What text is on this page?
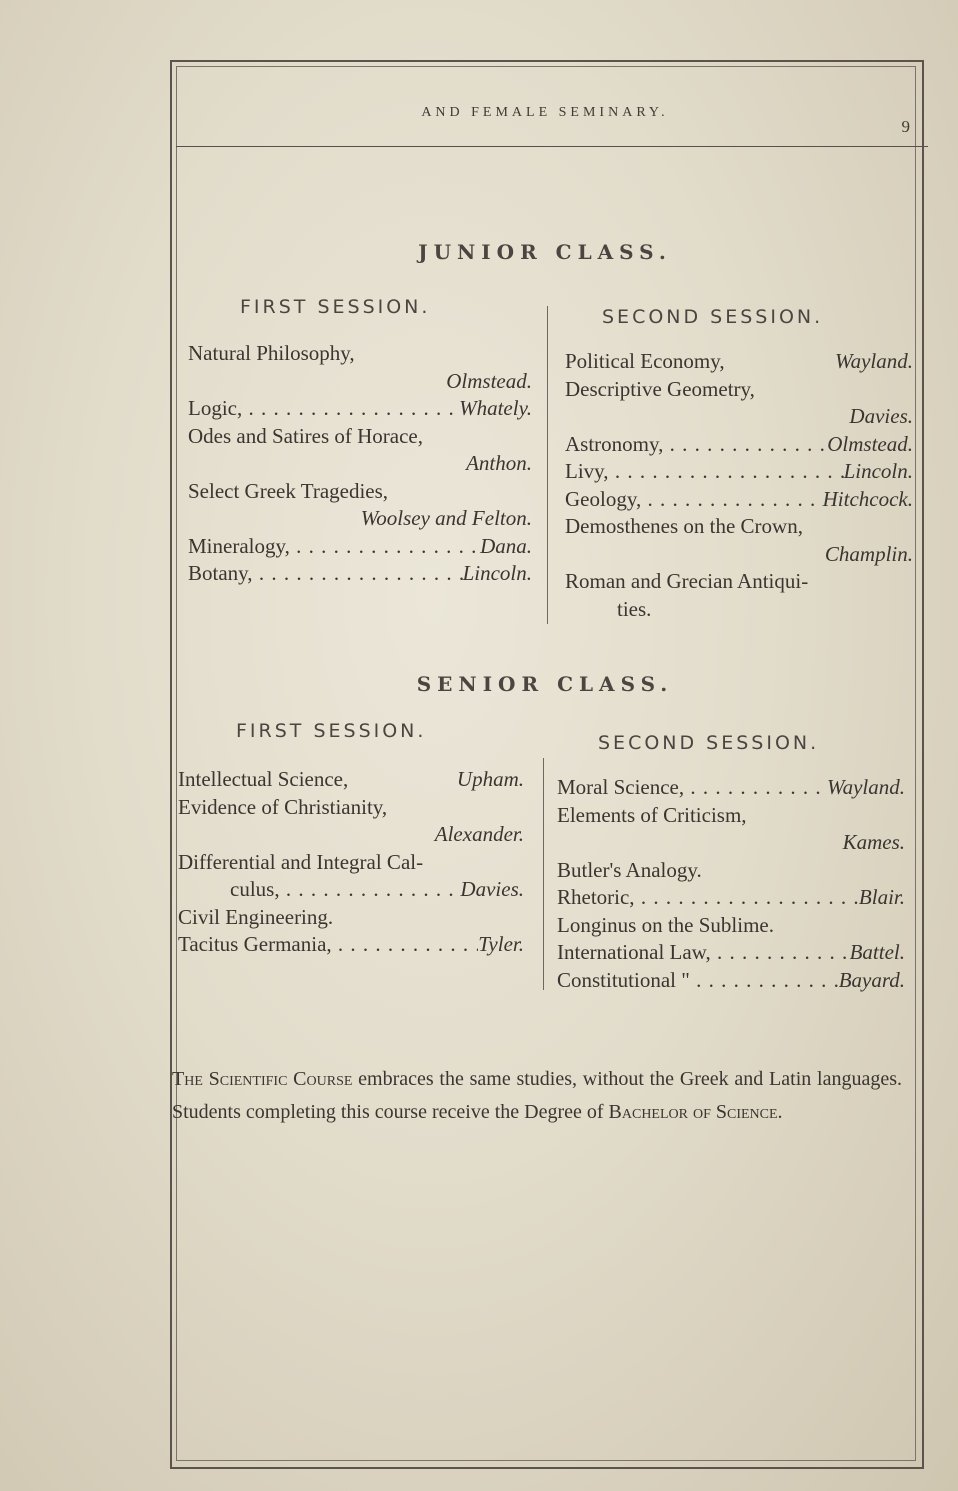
AND FEMALE SEMINARY.
9
JUNIOR CLASS.
FIRST SESSION.	SECOND SESSION.
Natural Philosophy,
Olmstead.
Logic, . . .	Whately.
Odes and Satires of Horace,
Anthon.
Select Greek Tragedies,
Woolsey and Felton.
Mineralogy, . . .	Dana.
Botany, . . .	Lincoln.
Political Economy,	Wayland.
Descriptive Geometry,
Davies.
Astronomy, . . .	Olmstead.
Livy, . . .	Lincoln.
Geology, . . .	Hitchcock.
Demosthenes on the Crown,
Champlin.
Roman and Grecian Antiqui-
ties.
SENIOR CLASS.
FIRST SESSION.
SECOND SESSION.
Intellectual Science,	Upham.
Evidence of Christianity,
Alexander.
Differential and Integral Cal-
culus, . . .	Davies.
Civil Engineering.
Tacitus Germania, . . .	Tyler.
Moral Science, . . .	Wayland.
Elements of Criticism,
Kames.
Butler's Analogy.
Rhetoric, . . .	Blair.
Longinus on the Sublime.
International Law, . . .	Battel.
Constitutional " . . .	Bayard.
The Scientific Course embraces the same studies, without the Greek and Latin languages. Students completing this course receive the Degree of Bachelor of Science.
